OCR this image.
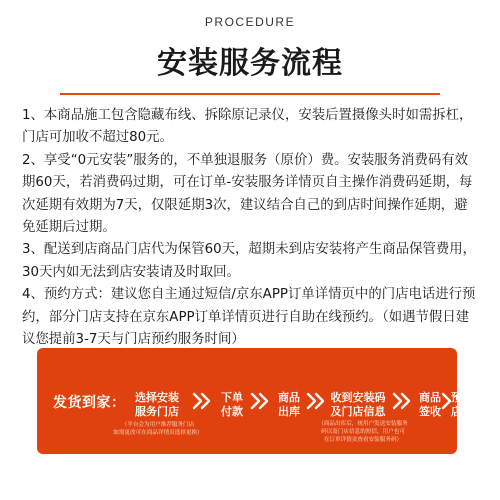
PROCEDURE
安装服务流程
1、本商品施工包含隐藏布线、拆除原记录仪，安装后置摄像头时如需拆杠，门店可加收不超过80元。
2、享受“0元安装”服务的，不单独退服务（原价）费。安装服务消费码有效期60天，若消费码过期，可在订单-安装服务详情页自主操作消费码延期，每次延期有效期为7天，仅限延期3次，建议结合自己的到店时间操作延期，避免延期后过期。
3、配送到店商品门店代为保管60天，超期未到店安装将产生商品保管费用，30天内如无法到店安装请及时取回。
4、预约方式：建议您自主通过短信/京东APP订单详情页中的门店电话进行预约，部分门店支持在京东APP订单详情页进行自助在线预约。（如遇节假日建议您提前3-7天与门店预约服务时间）
发货到家： 选择安装
服务门店
下单
付款
商品
出库
收到安装码
及门店信息
商品
签收
预约到
店时间
（平台会为用户推荐服务门店
如需更改可在商品详情页选择更换）
（商品出库后，统用户发送安装服务
码以及门店信息的短信，用户也可
在订单详情页查看安装服务码）
